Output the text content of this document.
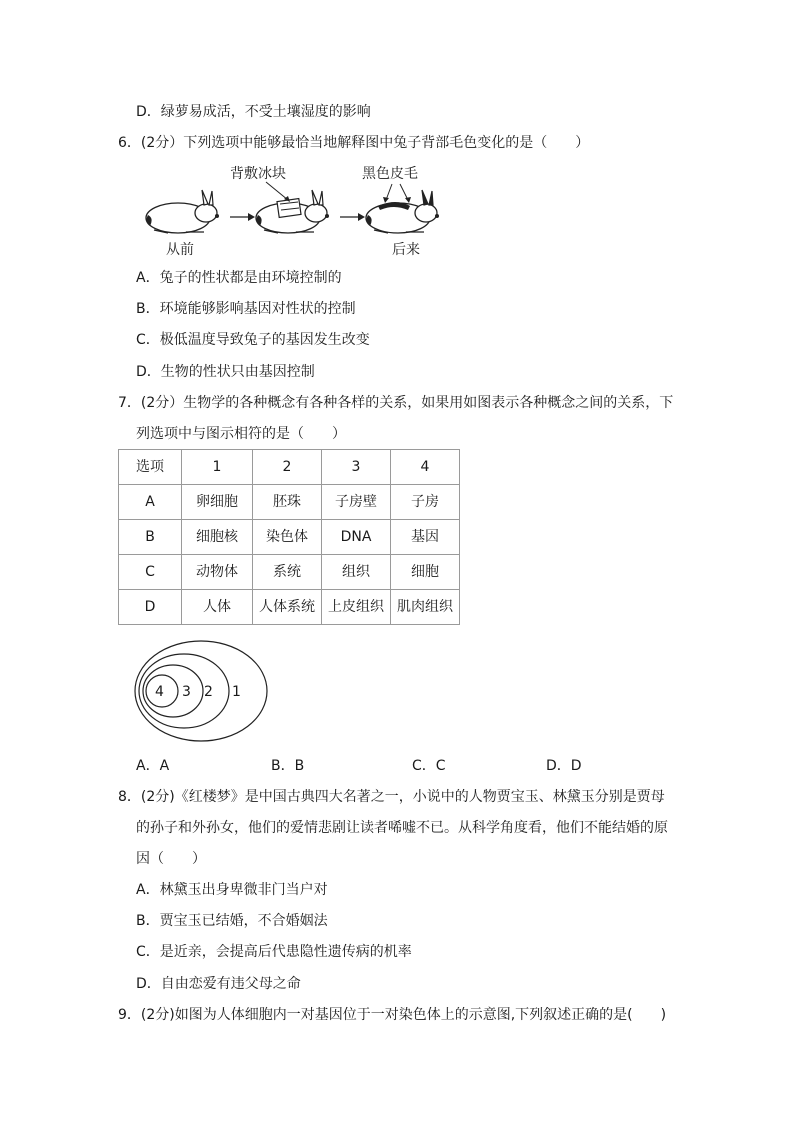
D．绿萝易成活，不受土壤湿度的影响
6．(2分）下列选项中能够最恰当地解释图中兔子背部毛色变化的是（　　）
背敷冰块	黑色皮毛
从前	后来
A．兔子的性状都是由环境控制的
B．环境能够影响基因对性状的控制
C．极低温度导致兔子的基因发生改变
D．生物的性状只由基因控制
7．(2分）生物学的各种概念有各种各样的关系，如果用如图表示各种概念之间的关系，下
列选项中与图示相符的是（　　）
选项	1	2	3	4
A	卵细胞	胚珠	子房壁	子房
B	细胞核	染色体	DNA	基因
C	动物体	系统	组织	细胞
D	人体	人体系统	上皮组织	肌肉组织
4 3 2 1
A．A	B．B	C．C	D．D
8．(2分)《红楼梦》是中国古典四大名著之一，小说中的人物贾宝玉、林黛玉分别是贾母
的孙子和外孙女，他们的爱情悲剧让读者唏嘘不已。从科学角度看，他们不能结婚的原
因（　　）
A．林黛玉出身卑微非门当户对
B．贾宝玉已结婚，不合婚姻法
C．是近亲，会提高后代患隐性遗传病的机率
D．自由恋爱有违父母之命
9．(2分)如图为人体细胞内一对基因位于一对染色体上的示意图,下列叙述正确的是(　　)
